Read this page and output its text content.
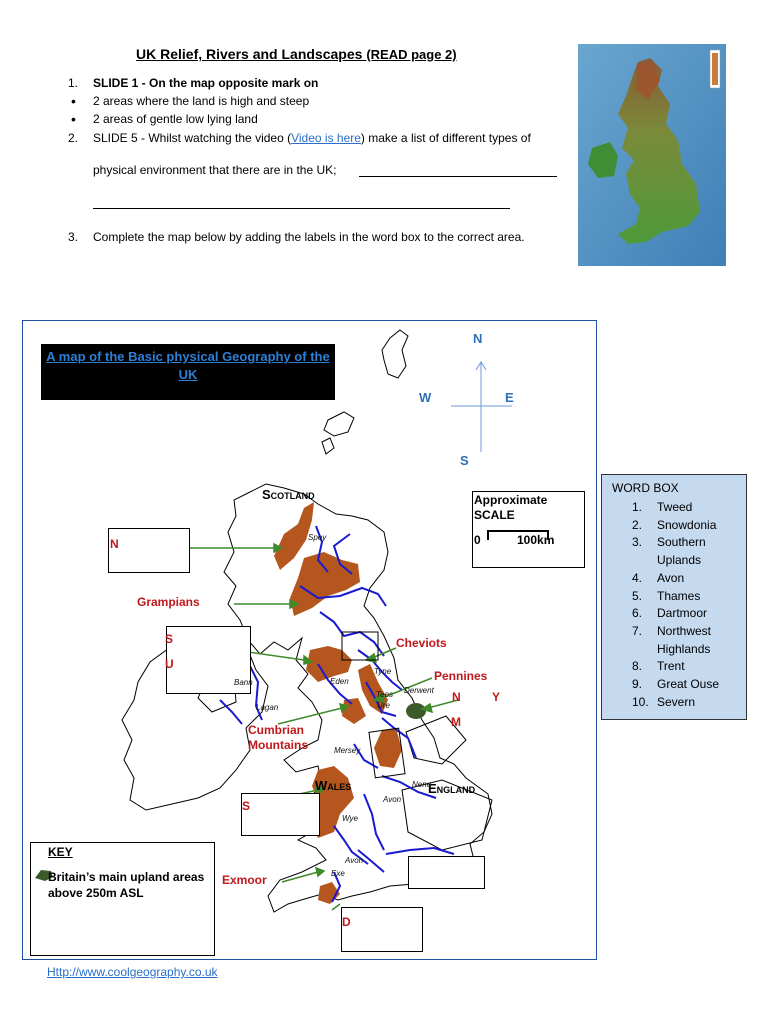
UK Relief, Rivers and Landscapes (READ page 2)
1. SLIDE 1 - On the map opposite mark on
• 2 areas where the land is high and steep
• 2 areas of gentle low lying land
2. SLIDE 5 - Whilst watching the video (Video is here) make a list of different types of
physical environment that there are in the UK;
3. Complete the map below by adding the labels in the word box to the correct area.
A map of the Basic physical Geography of the UK
N
W	E
S
Scotland
Wales	England
N
Grampians
S
U
Cheviots
Pennines
N	Y
M
Cumbrian Mountains
S
Exmoor
D
Spey
Tyne
Eden
Tees
Ure
Derwent
Bann
Lagan
Mersey
Nene
Avon
Wye
Avon
Exe
Approximate
SCALE
0	100km
KEY
Britain’s main upland areas
above 250m ASL
WORD BOX
1. Tweed
2. Snowdonia
3. Southern Uplands
4. Avon
5. Thames
6. Dartmoor
7. Northwest Highlands
8. Trent
9. Great Ouse
10. Severn
Http://www.coolgeography.co.uk
